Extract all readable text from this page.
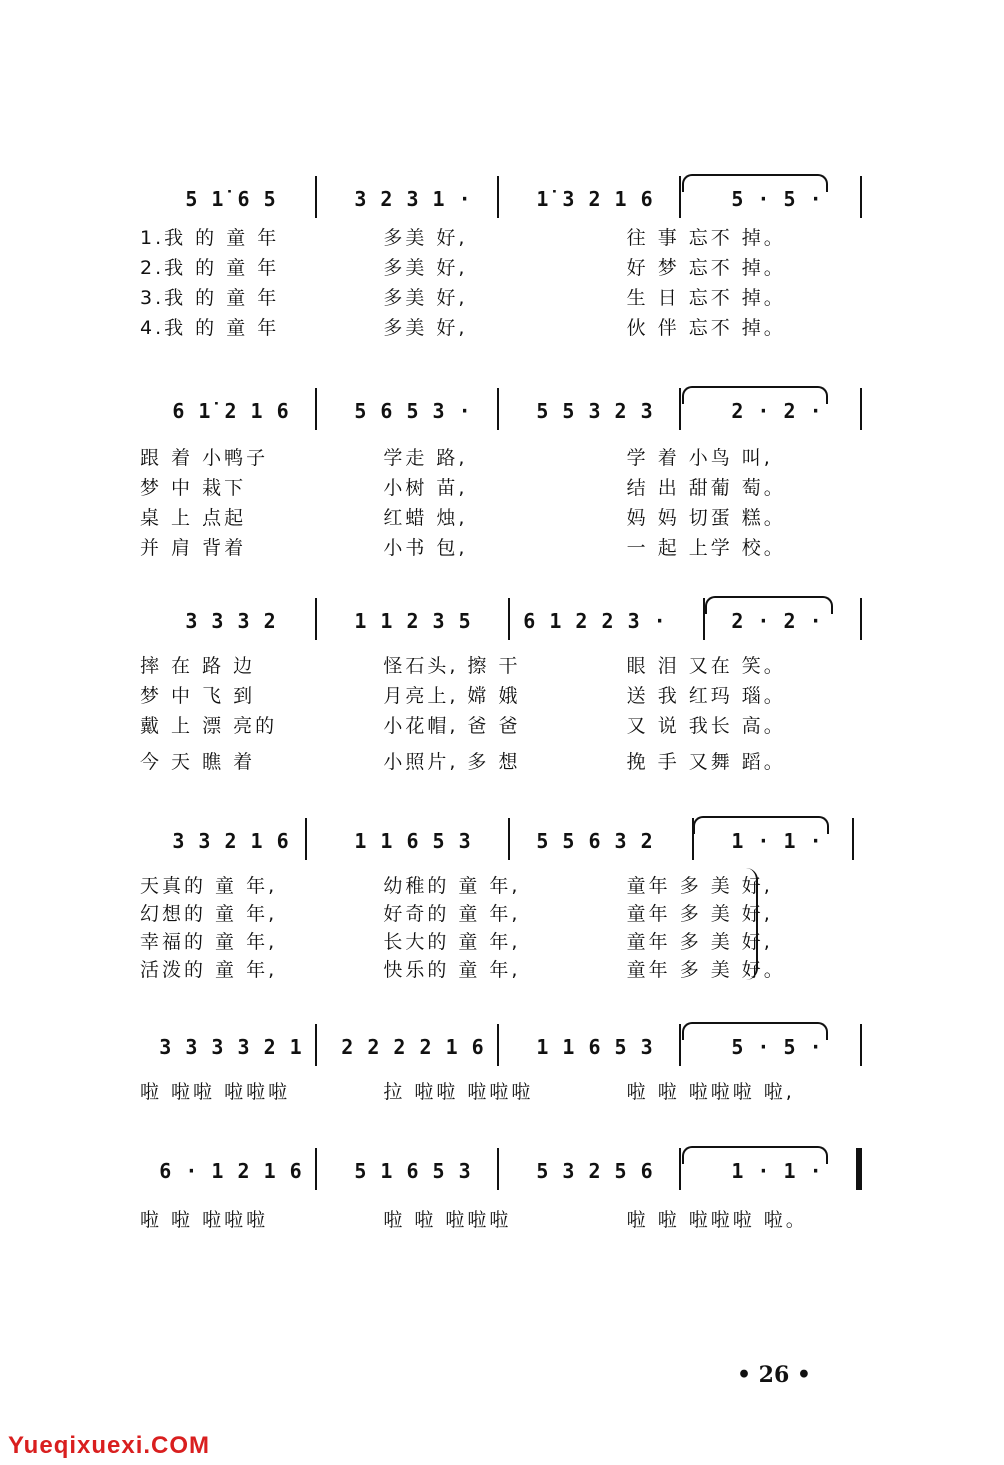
5 1̇ 6 5	3 2 3 1 ·	1̇ 3 2 1 6	5 · 5 ·
1.我 的 童 年	多美 好,	往 事 忘不 掉。
2.我 的 童 年	多美 好,	好 梦 忘不 掉。
3.我 的 童 年	多美 好,	生 日 忘不 掉。
4.我 的 童 年	多美 好,	伙 伴 忘不 掉。
6 1̇ 2 1 6	5 6 5 3 ·	5 5 3 2 3	2 · 2 ·
跟 着 小鸭子	学走 路,	学 着 小鸟 叫,
梦 中 栽下	小树 苗,	结 出 甜葡 萄。
桌 上 点起	红蜡 烛,	妈 妈 切蛋 糕。
并 肩 背着	小书 包,	一 起 上学 校。
3 3 3 2	1 1 2 3 5	6 1 2 2 3 ·	2 · 2 ·
摔 在 路 边	怪石头, 擦 干	眼 泪 又在 笑。
梦 中 飞 到	月亮上, 嫦 娥	送 我 红玛 瑙。
戴 上 漂 亮的	小花帽, 爸 爸	又 说 我长 高。
今 天 瞧 着	小照片, 多 想	挽 手 又舞 蹈。
3 3 2 1 6	1 1 6 5 3	5 5 6 3 2	1 · 1 ·
天真的 童 年,	幼稚的 童 年,	童年 多 美 好,
幻想的 童 年,	好奇的 童 年,	童年 多 美 好,
幸福的 童 年,	长大的 童 年,	童年 多 美 好,
活泼的 童 年,	快乐的 童 年,	童年 多 美 好。
3 3 3 3 2 1	2 2 2 2 1 6	1 1 6 5 3	5 · 5 ·
啦 啦啦 啦啦啦	拉 啦啦 啦啦啦	啦 啦 啦啦啦 啦,
6 · 1 2 1 6	5 1 6 5 3	5 3 2 5 6	1 · 1 ·
啦 啦 啦啦啦	啦 啦 啦啦啦	啦 啦 啦啦啦 啦。
• 26 •
Yueqixuexi.COM
